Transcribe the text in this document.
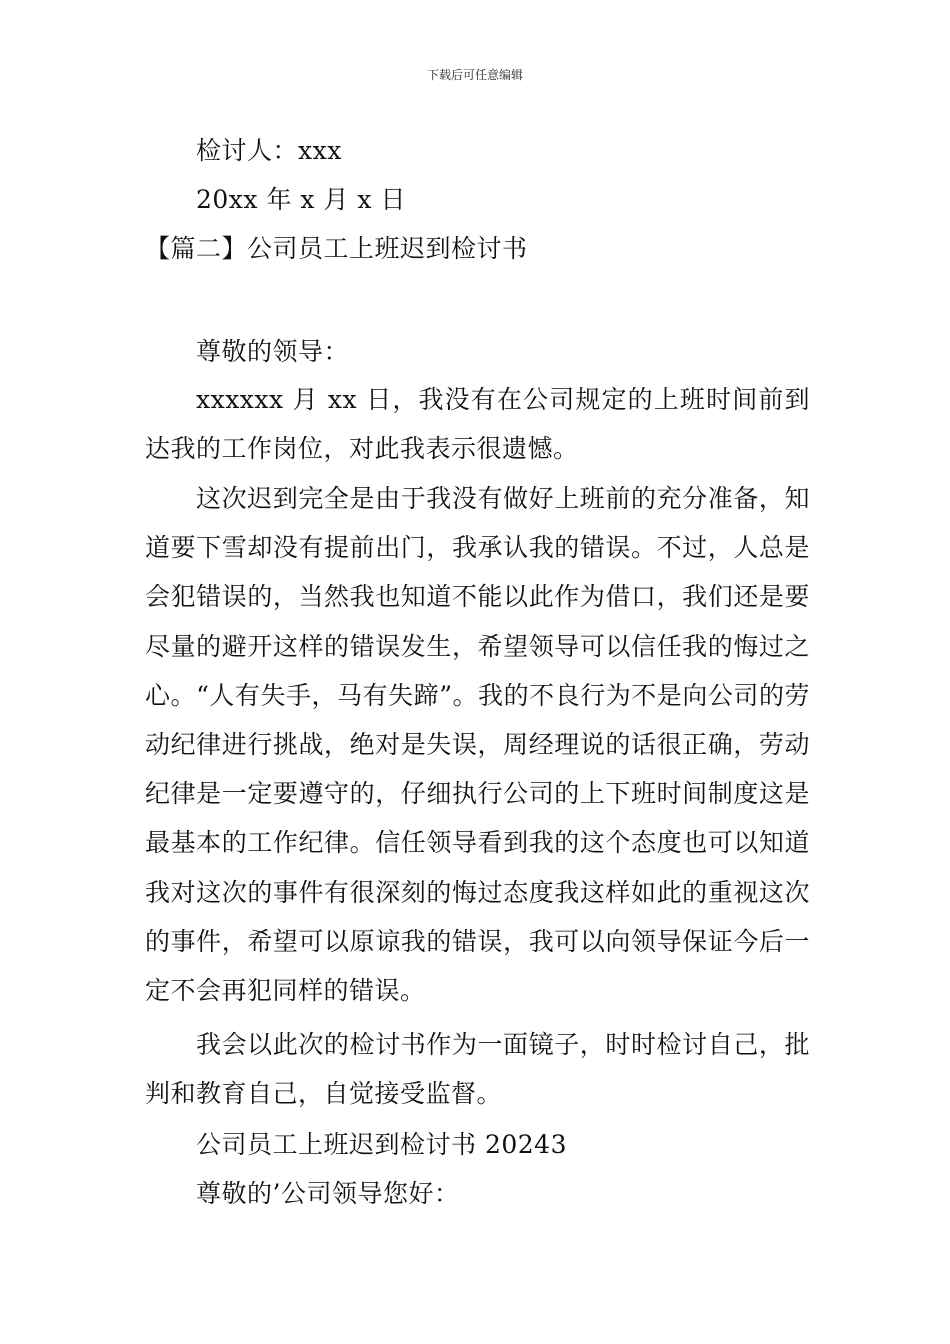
下载后可任意编辑
检讨人：xxx
20xx 年 x 月 x 日
【篇二】公司员工上班迟到检讨书
尊敬的领导：
xxxxxx 月 xx 日，我没有在公司规定的上班时间前到达我的工作岗位，对此我表示很遗憾。
这次迟到完全是由于我没有做好上班前的充分准备，知道要下雪却没有提前出门，我承认我的错误。不过，人总是会犯错误的，当然我也知道不能以此作为借口，我们还是要尽量的避开这样的错误发生，希望领导可以信任我的悔过之心。“人有失手，马有失蹄”。我的不良行为不是向公司的劳动纪律进行挑战，绝对是失误，周经理说的话很正确，劳动纪律是一定要遵守的，仔细执行公司的上下班时间制度这是最基本的工作纪律。信任领导看到我的这个态度也可以知道我对这次的事件有很深刻的悔过态度我这样如此的重视这次的事件，希望可以原谅我的错误，我可以向领导保证今后一定不会再犯同样的错误。
我会以此次的检讨书作为一面镜子，时时检讨自己，批判和教育自己，自觉接受监督。
公司员工上班迟到检讨书 20243
尊敬的’公司领导您好：
